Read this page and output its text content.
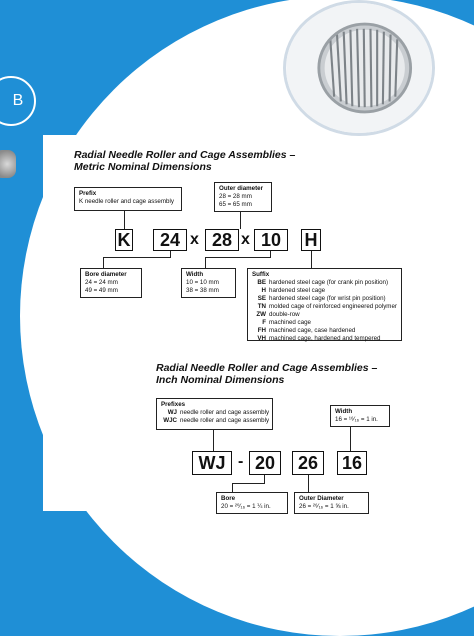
B
Radial Needle Roller and Cage Assemblies –
Metric Nominal Dimensions
Prefix
K needle roller and cage assembly
Outer diameter
28 = 28 mm
65 = 65 mm
K	24 x 28 x 10	H
Bore diameter
24 = 24 mm
49 = 49 mm
Width
10 = 10 mm
38 = 38 mm
Suffix
BE hardened steel cage (for crank pin position)
H hardened steel cage
SE hardened steel cage (for wrist pin position)
TN molded cage of reinforced engineered polymer
ZW double-row
F machined cage
FH machined cage, case hardened
VH machined cage, hardened and tempered
Radial Needle Roller and Cage Assemblies –
Inch Nominal Dimensions
Prefixes
WJ needle roller and cage assembly
WJC needle roller and cage assembly
Width
16 = ¹⁶⁄₁₆ = 1 in.
WJ - 20	26	16
Bore
20 = ²⁰⁄₁₆ = 1 ¼ in.
Outer Diameter
26 = ²⁶⁄₁₆ = 1 ⅝ in.
